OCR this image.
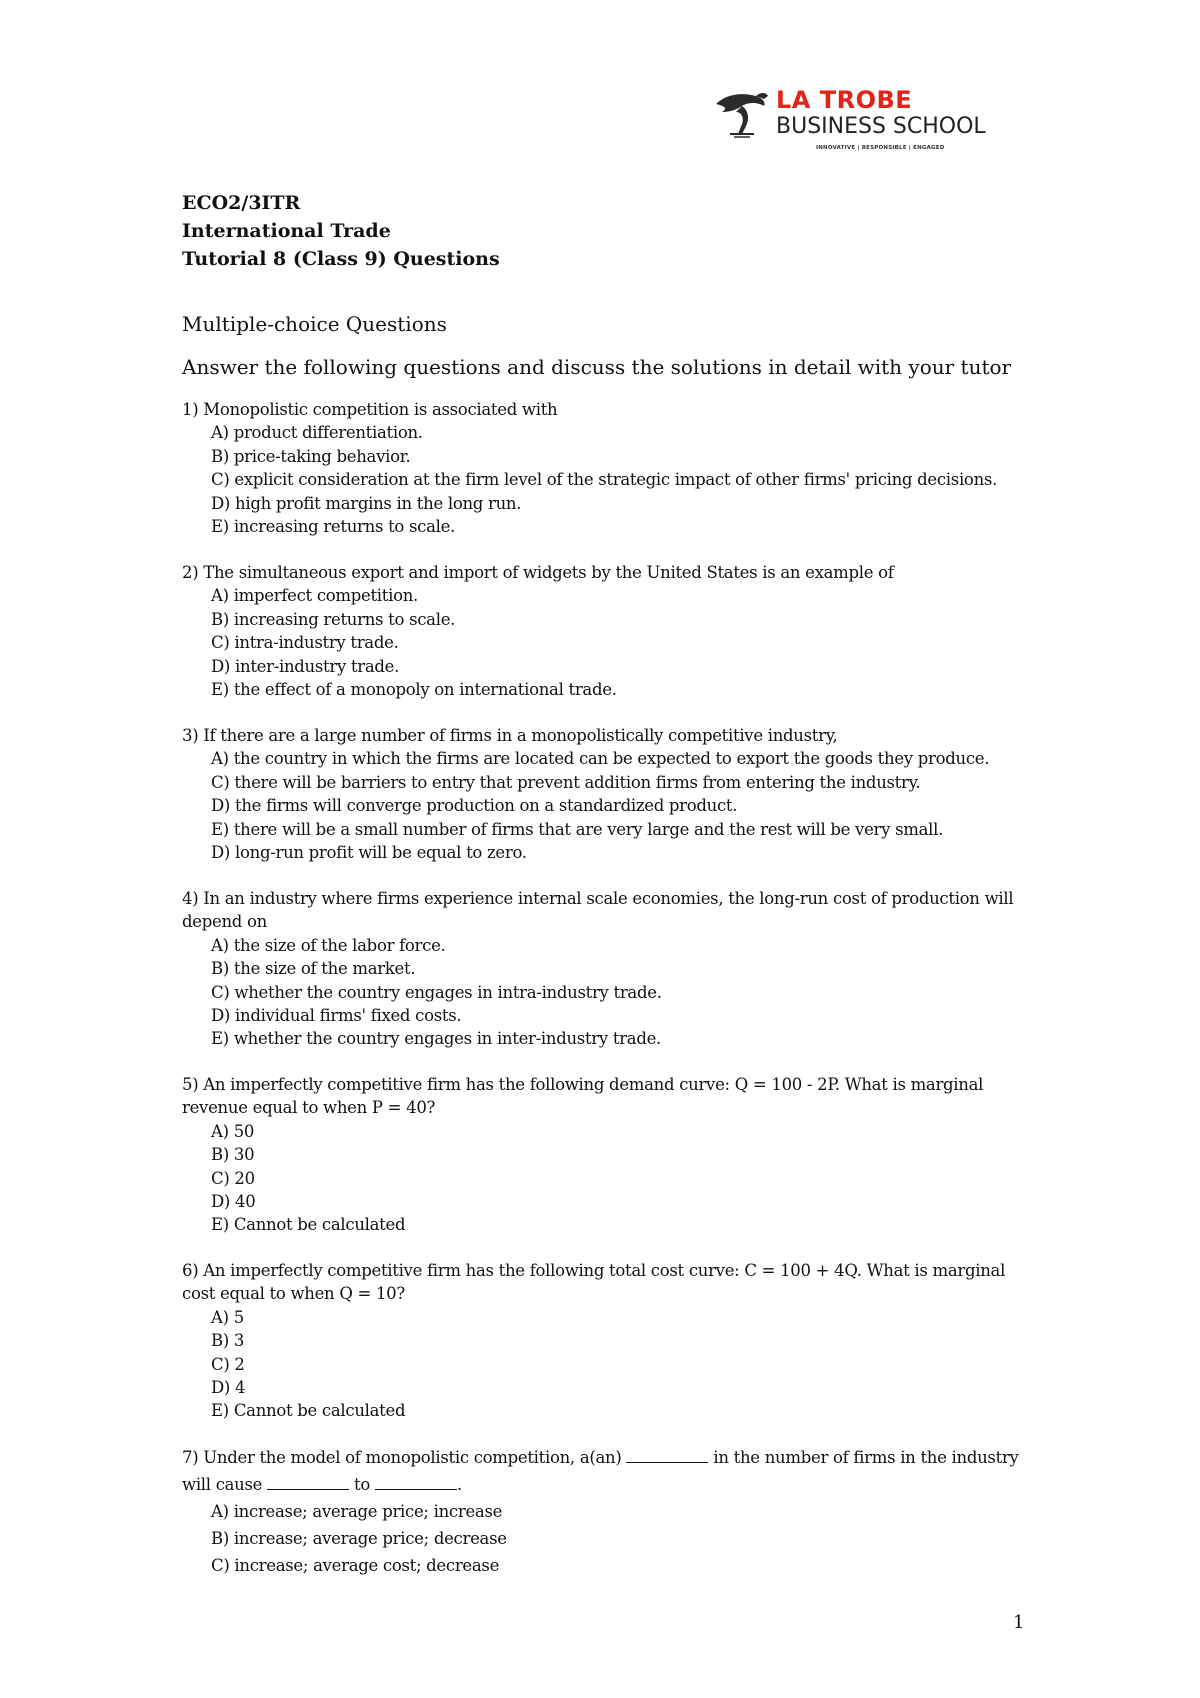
LA TROBE
BUSINESS SCHOOL
INNOVATIVE | RESPONSIBLE | ENGAGED
ECO2/3ITR
International Trade
Tutorial 8 (Class 9) Questions
Multiple-choice Questions
Answer the following questions and discuss the solutions in detail with your tutor

1) Monopolistic competition is associated with

A) product differentiation.
B) price-taking behavior.
C) explicit consideration at the firm level of the strategic impact of other firms' pricing decisions.
D) high profit margins in the long run.
E) increasing returns to scale.

2) The simultaneous export and import of widgets by the United States is an example of

A) imperfect competition.
B) increasing returns to scale.
C) intra-industry trade.
D) inter-industry trade.
E) the effect of a monopoly on international trade.

3) If there are a large number of firms in a monopolistically competitive industry,

A) the country in which the firms are located can be expected to export the goods they produce.
C) there will be barriers to entry that prevent addition firms from entering the industry.
D) the firms will converge production on a standardized product.
E) there will be a small number of firms that are very large and the rest will be very small.
D) long-run profit will be equal to zero.

4) In an industry where firms experience internal scale economies, the long-run cost of production will depend on

A) the size of the labor force.
B) the size of the market.
C) whether the country engages in intra-industry trade.
D) individual firms' fixed costs.
E) whether the country engages in inter-industry trade.

5) An imperfectly competitive firm has the following demand curve: Q = 100 - 2P. What is marginal revenue equal to when P = 40?

A) 50
B) 30
C) 20
D) 40
E) Cannot be calculated

6) An imperfectly competitive firm has the following total cost curve: C = 100 + 4Q. What is marginal cost equal to when Q = 10?

A) 5
B) 3
C) 2
D) 4
E) Cannot be calculated

7) Under the model of monopolistic competition, a(an)	in the number of firms in the industry will cause	to	.

A) increase; average price; increase
B) increase; average price; decrease
C) increase; average cost; decrease
1
